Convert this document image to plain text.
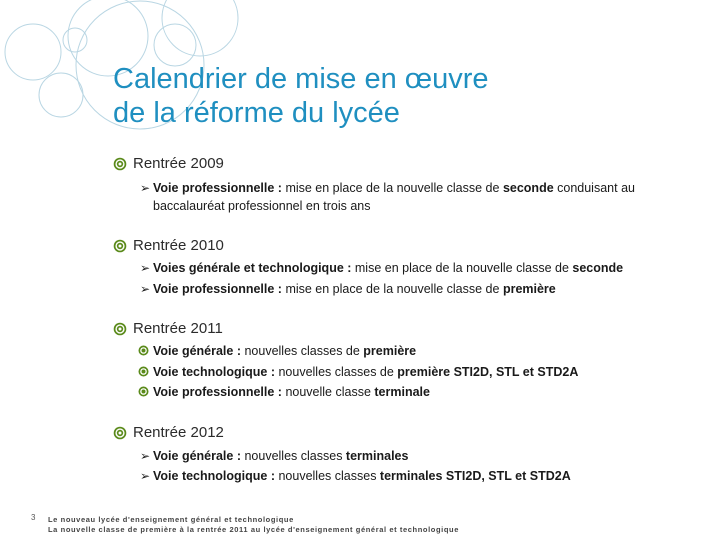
Calendrier de mise en œuvre
de la réforme du lycée
Rentrée 2009
➢ Voie professionnelle : mise en place de la nouvelle classe de seconde conduisant au
baccalauréat professionnel en trois ans
Rentrée 2010
➢ Voies générale et technologique : mise en place de la nouvelle classe de seconde
➢ Voie professionnelle : mise en place de la nouvelle classe de première
Rentrée 2011
Voie générale : nouvelles classes de première
Voie technologique : nouvelles classes de première STI2D, STL et STD2A
Voie professionnelle : nouvelle classe terminale
Rentrée 2012
➢ Voie générale : nouvelles classes terminales
➢ Voie technologique : nouvelles classes terminales STI2D, STL et STD2A
3 Le nouveau lycée d'enseignement général et technologique
La nouvelle classe de première à la rentrée 2011 au lycée d'enseignement général et technologique
